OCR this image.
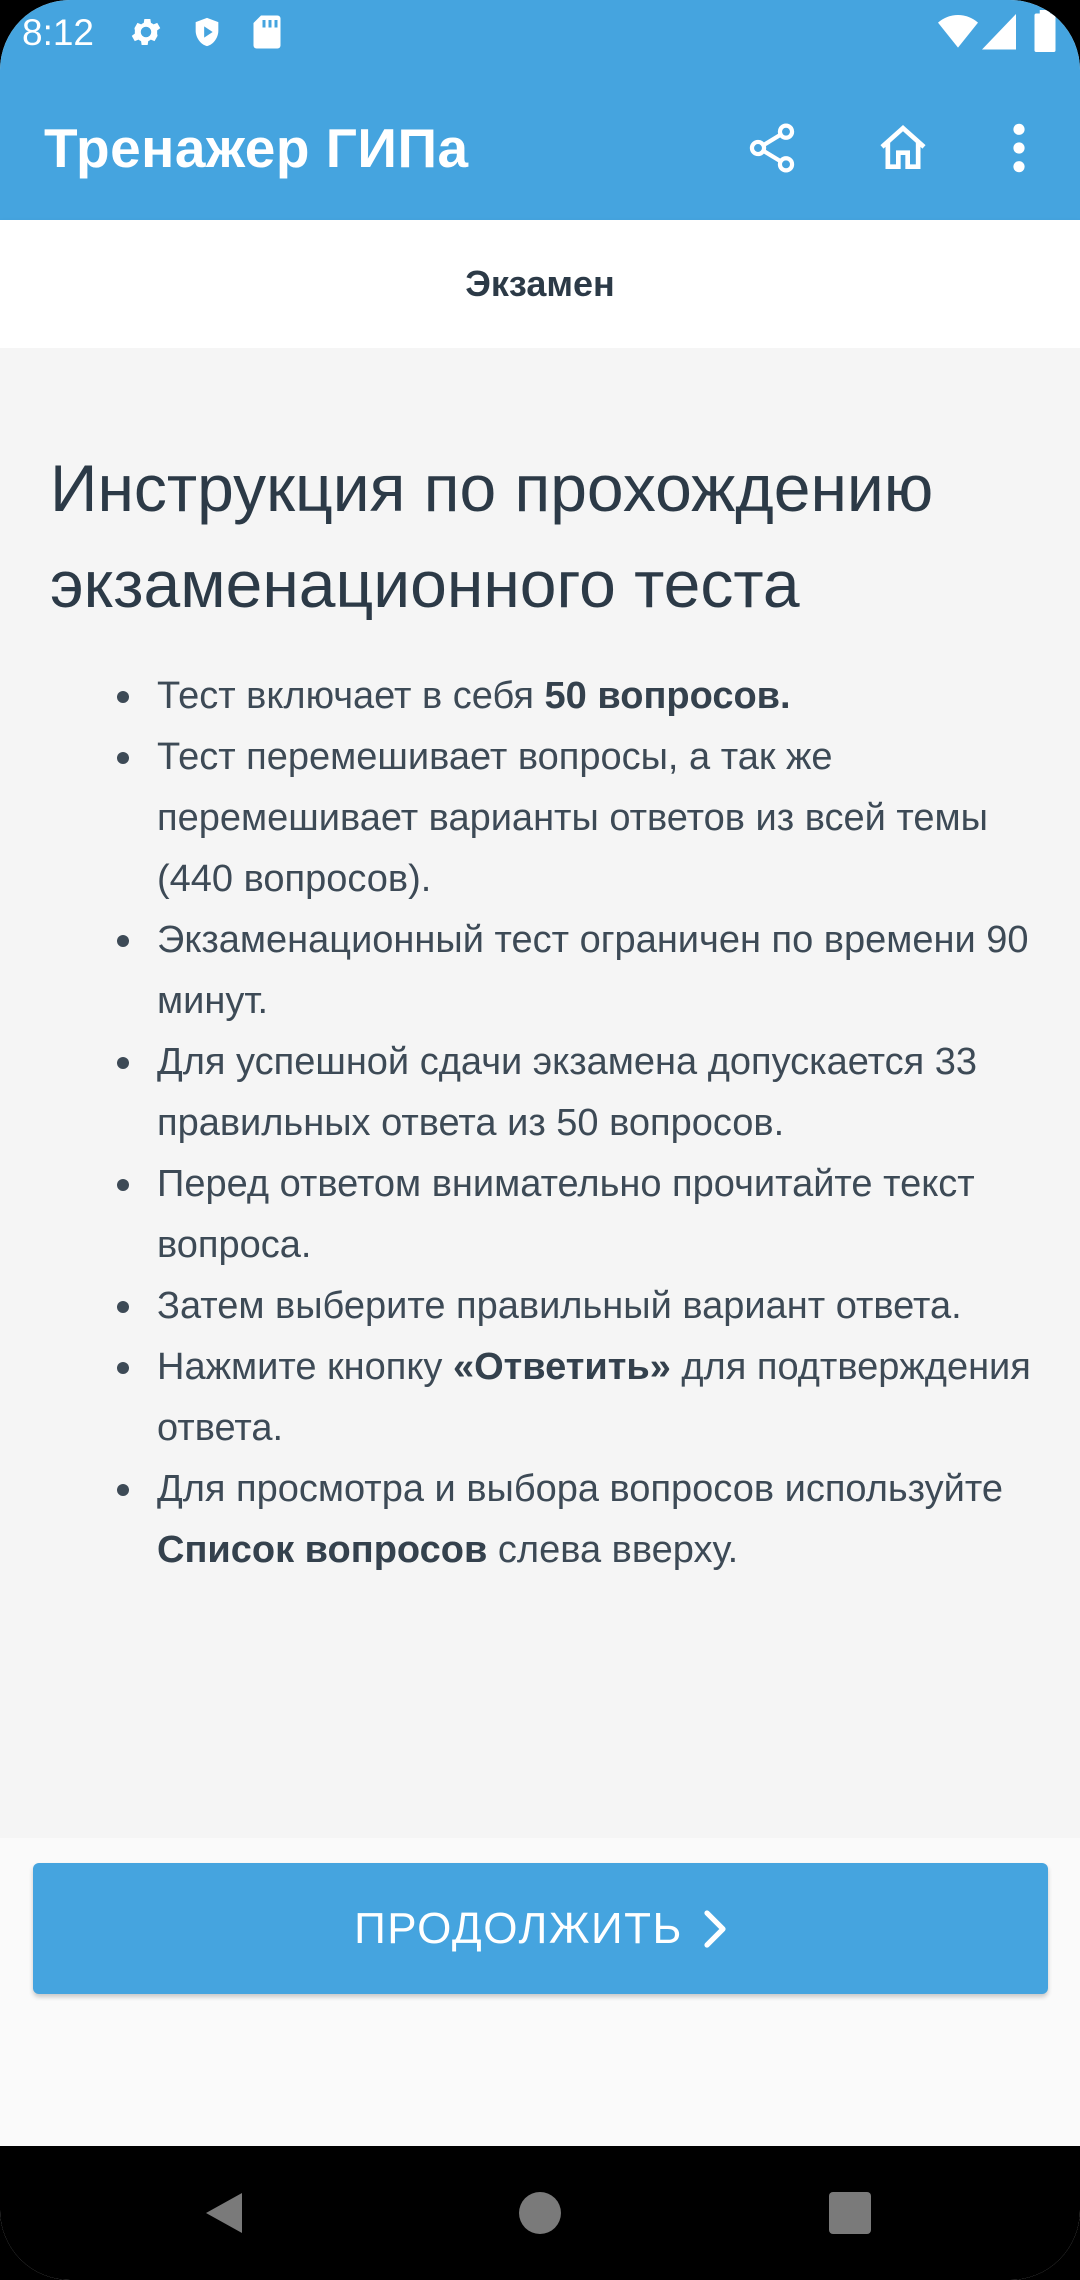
8:12
Тренажер ГИПа
Экзамен
Инструкция по прохождению экзаменационного теста
Тест включает в себя 50 вопросов.
Тест перемешивает вопросы, а так же перемешивает варианты ответов из всей темы (440 вопросов).
Экзаменационный тест ограничен по времени 90 минут.
Для успешной сдачи экзамена допускается 33 правильных ответа из 50 вопросов.
Перед ответом внимательно прочитайте текст вопроса.
Затем выберите правильный вариант ответа.
Нажмите кнопку «Ответить» для подтверждения ответа.
Для просмотра и выбора вопросов используйте Список вопросов слева вверху.
ПРОДОЛЖИТЬ
